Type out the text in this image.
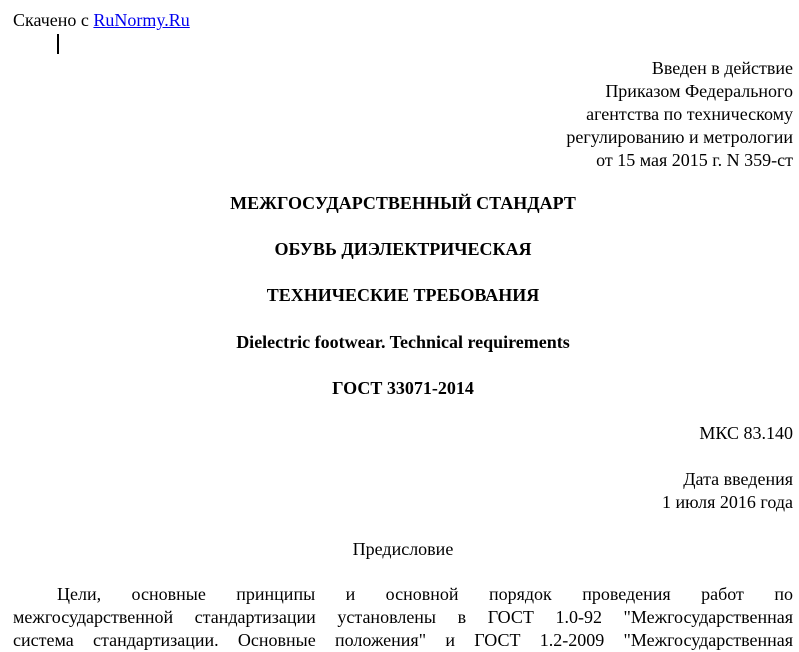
Скачено с RuNormy.Ru
Введен в действие
Приказом Федерального
агентства по техническому
регулированию и метрологии
от 15 мая 2015 г. N 359-ст
МЕЖГОСУДАРСТВЕННЫЙ СТАНДАРТ
ОБУВЬ ДИЭЛЕКТРИЧЕСКАЯ
ТЕХНИЧЕСКИЕ ТРЕБОВАНИЯ
Dielectric footwear. Technical requirements
ГОСТ 33071-2014
МКС 83.140
Дата введения
1 июля 2016 года
Предисловие
Цели, основные принципы и основной порядок проведения работ по
межгосударственной стандартизации установлены в ГОСТ 1.0-92 "Межгосударственная
система стандартизации. Основные положения" и ГОСТ 1.2-2009 "Межгосударственная
